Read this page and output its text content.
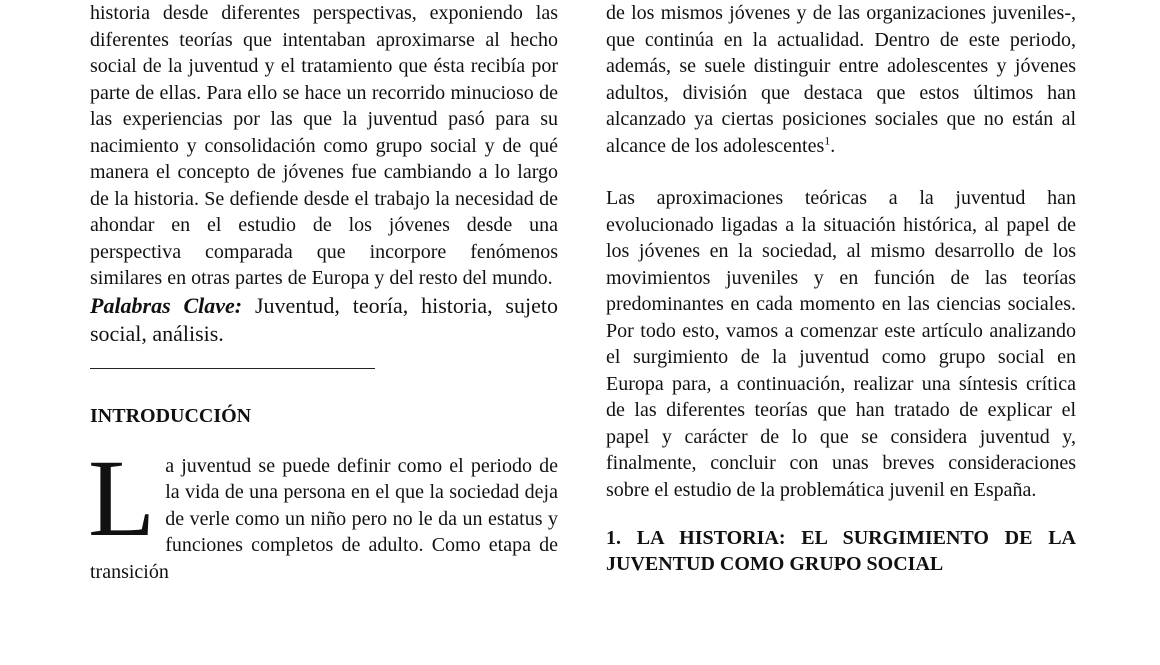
historia desde diferentes perspectivas, exponiendo las diferentes teorías que intentaban aproximarse al hecho social de la juventud y el tratamiento que ésta recibía por parte de ellas. Para ello se hace un recorrido minucioso de las experiencias por las que la juventud pasó para su nacimiento y consolidación como grupo social y de qué manera el concepto de jóvenes fue cambiando a lo largo de la historia. Se defiende desde el trabajo la necesidad de ahondar en el estudio de los jóvenes desde una perspectiva comparada que incorpore fenómenos similares en otras partes de Europa y del resto del mundo.

Palabras Clave: Juventud, teoría, historia, sujeto social, análisis.

INTRODUCCIÓN
L a juventud se puede definir como el periodo de la vida de una persona en el que la sociedad deja de verle como un niño pero no le da un estatus y funciones completos de adulto. Como etapa de transición

de los mismos jóvenes y de las organizaciones juveniles-, que continúa en la actualidad. Dentro de este periodo, además, se suele distinguir entre adolescentes y jóvenes adultos, división que destaca que estos últimos han alcanzado ya ciertas posiciones sociales que no están al alcance de los adolescentes$^1$.

Las aproximaciones teóricas a la juventud han evolucionado ligadas a la situación histórica, al papel de los jóvenes en la sociedad, al mismo desarrollo de los movimientos juveniles y en función de las teorías predominantes en cada momento en las ciencias sociales. Por todo esto, vamos a comenzar este artículo analizando el surgimiento de la juventud como grupo social en Europa para, a continuación, realizar una síntesis crítica de las diferentes teorías que han tratado de explicar el papel y carácter de lo que se considera juventud y, finalmente, concluir con unas breves consideraciones sobre el estudio de la problemática juvenil en España.

1. LA HISTORIA: EL SURGIMIENTO DE LA JUVENTUD COMO GRUPO SOCIAL
